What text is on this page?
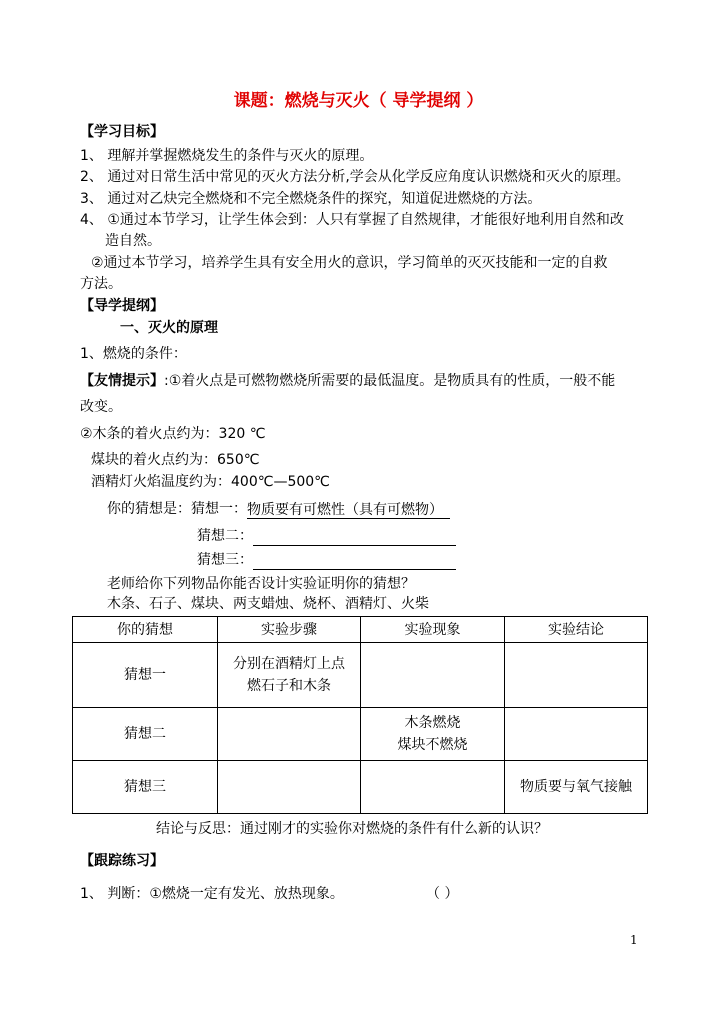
课题：燃烧与灭火（ 导学提纲 ）
【学习目标】
1、 理解并掌握燃烧发生的条件与灭火的原理。
2、 通过对日常生活中常见的灭火方法分析,学会从化学反应角度认识燃烧和灭火的原理。
3、 通过对乙炔完全燃烧和不完全燃烧条件的探究，知道促进燃烧的方法。
4、 ①通过本节学习，让学生体会到：人只有掌握了自然规律，才能很好地利用自然和改
造自然。
②通过本节学习，培养学生具有安全用火的意识，学习简单的灭灭技能和一定的自救
方法。
【导学提纲】
一、灭火的原理
1、燃烧的条件：
【友情提示】:①着火点是可燃物燃烧所需要的最低温度。是物质具有的性质，一般不能
改变。
②木条的着火点约为：320 ℃
煤块的着火点约为：650℃
酒精灯火焰温度约为：400℃—500℃
你的猜想是：猜想一：物质要有可燃性（具有可燃物）
猜想二：
猜想三：
老师给你下列物品你能否设计实验证明你的猜想？
木条、石子、煤块、两支蜡烛、烧杯、酒精灯、火柴
你的猜想	实验步骤	实验现象	实验结论
猜想一	分别在酒精灯上点
燃石子和木条		
猜想二		木条燃烧
煤块不燃烧	
猜想三			物质要与氧气接触
结论与反思：通过刚才的实验你对燃烧的条件有什么新的认识？
【跟踪练习】
1、 判断：①燃烧一定有发光、放热现象。	（ ）
1
